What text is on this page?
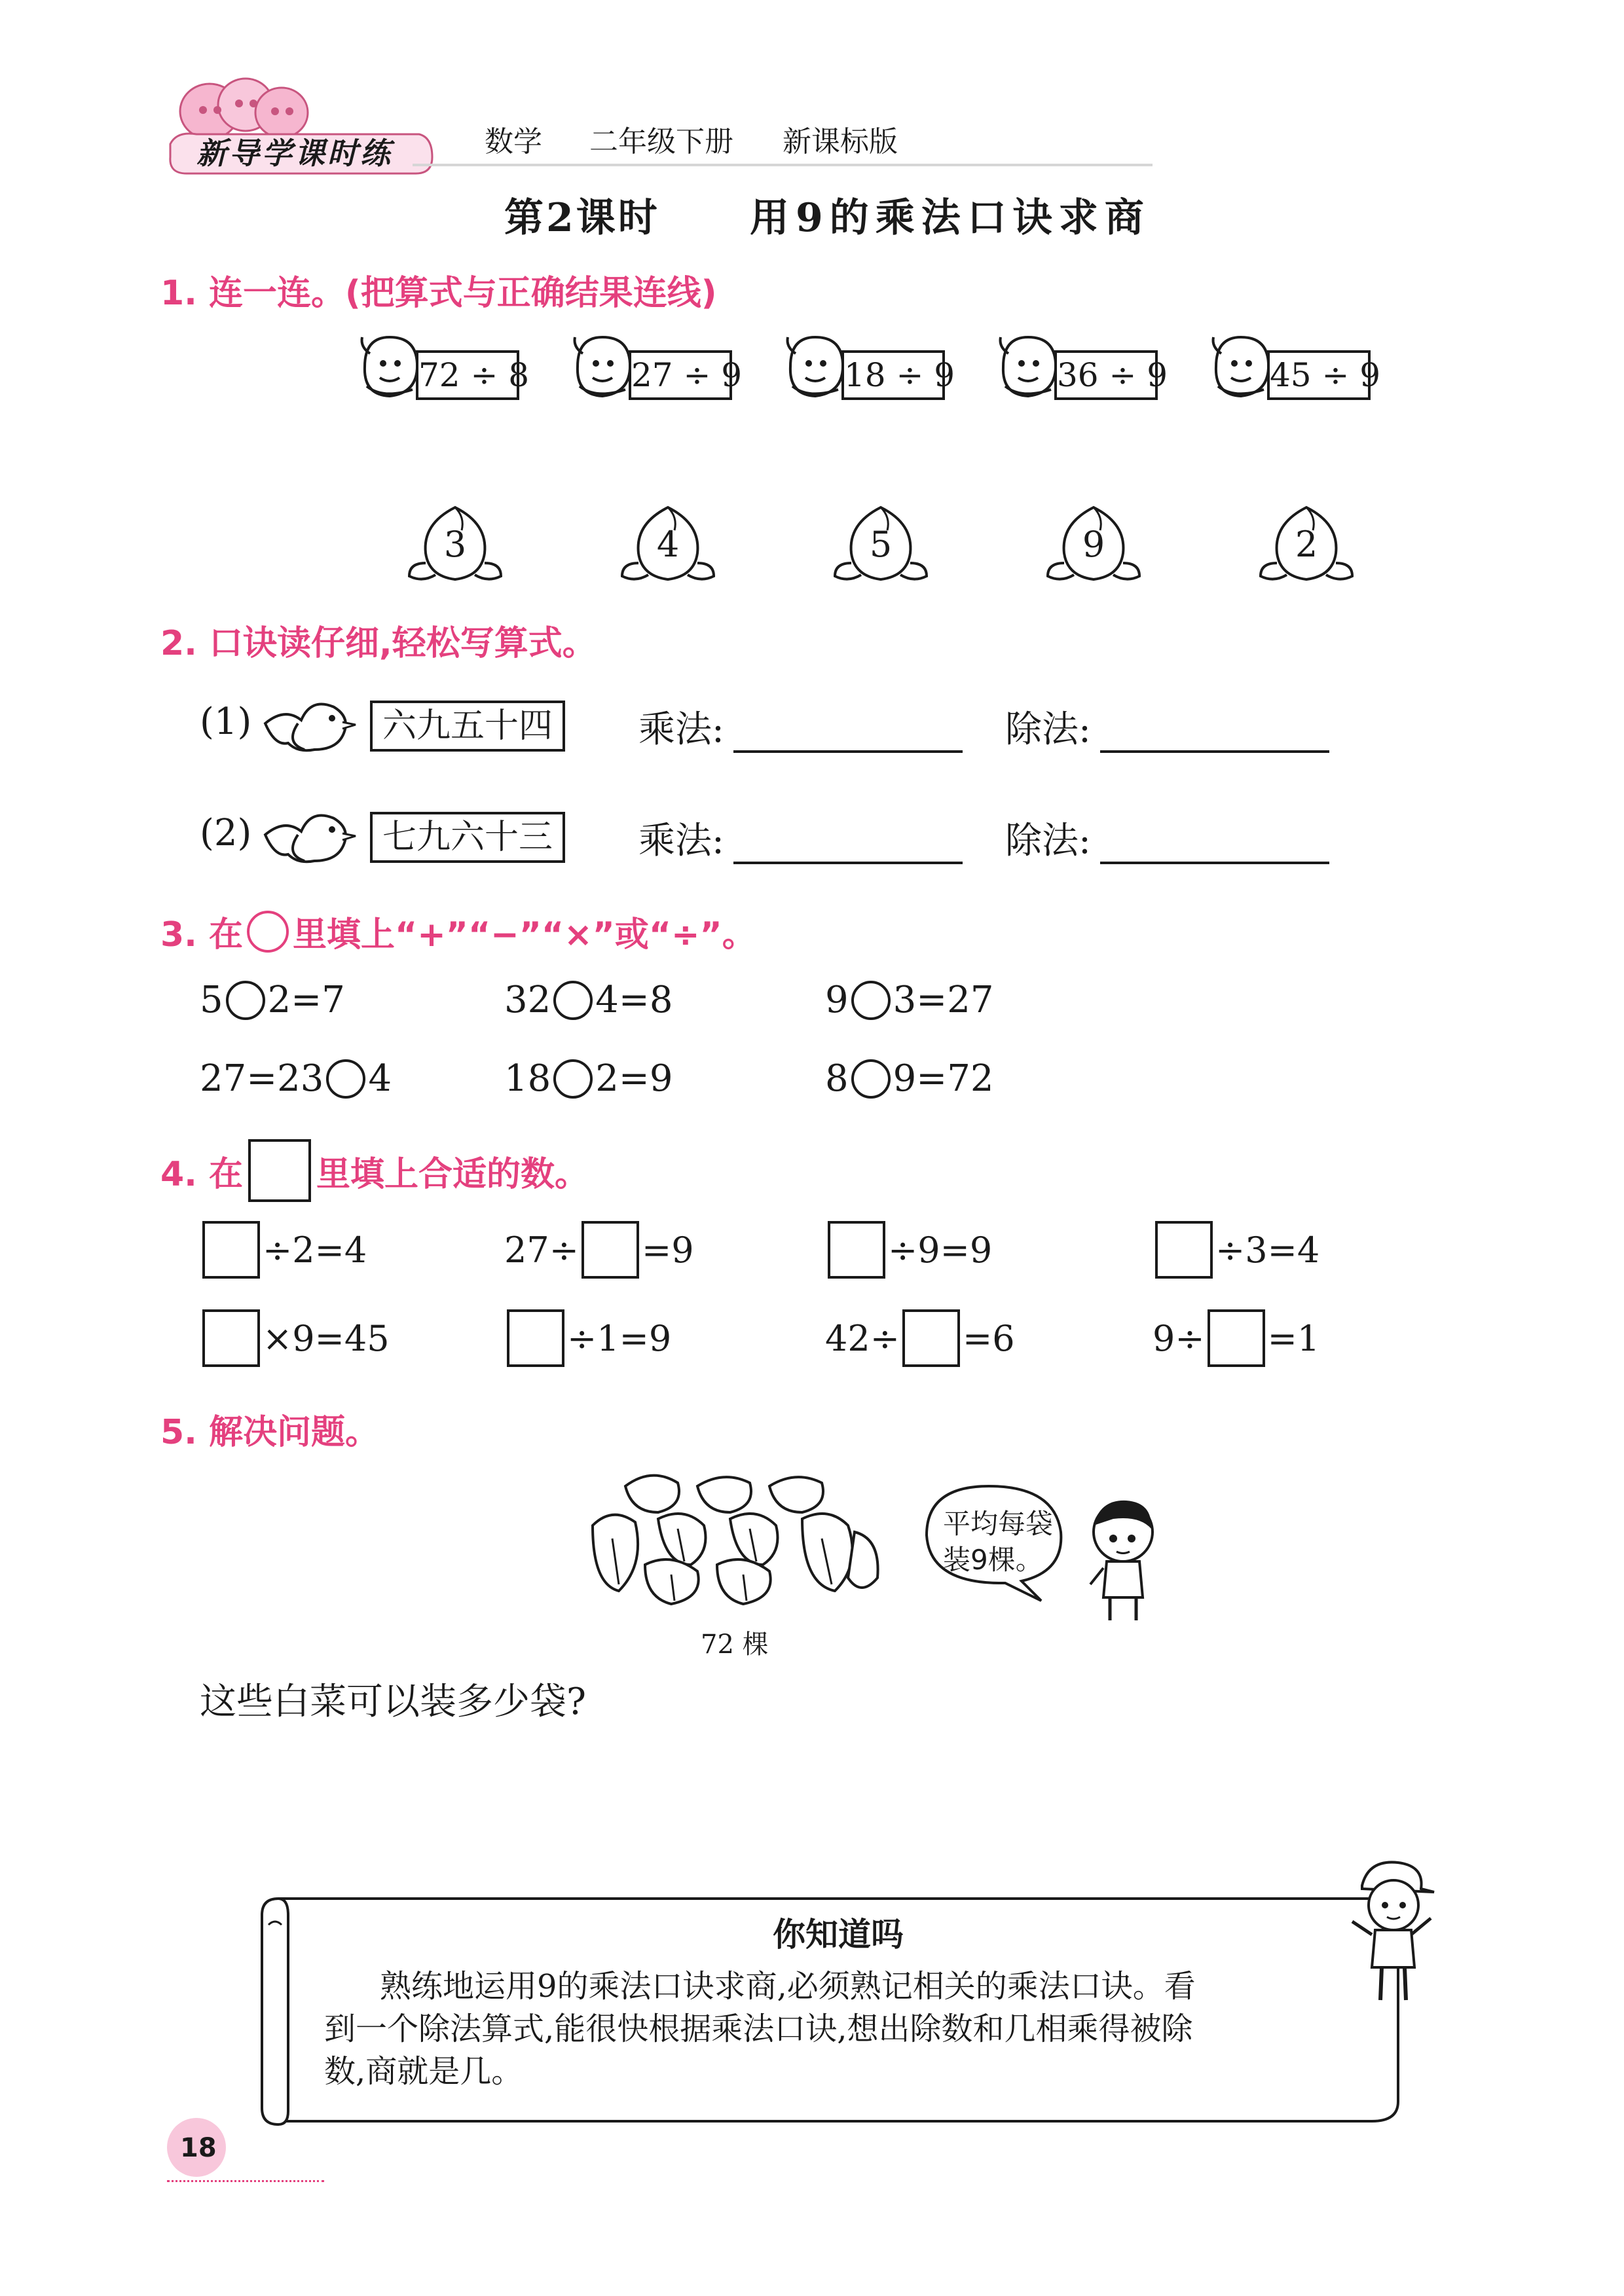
新导学课时练	数学 二年级下册 新课标版
第2课时 用9的乘法口诀求商
1. 连一连。(把算式与正确结果连线)
2. 口诀读仔细,轻松写算式。
(1)	六九五十四	乘法:	除法:
(2)	七九六十三	乘法:	除法:
3. 在 里填上“+”“−”“×”或“÷”。
4. 在 里填上合适的数。
5. 解决问题。
72 棵
平均每袋
装9棵。
这些白菜可以装多少袋?
你知道吗
熟练地运用9的乘法口诀求商,必须熟记相关的乘法口诀。看
到一个除法算式,能很快根据乘法口诀,想出除数和几相乘得被除
数,商就是几。
18
72 ÷ 8	27 ÷ 9	18 ÷ 9	36 ÷ 9	45 ÷ 9
3	4	5	9	2
5 2=7	32 4=8	9 3=27
27=23 4	18 2=9	8 9=72
÷2=4	27÷ =9	÷9=9	÷3=4
×9=45	÷1=9	42÷ =6	9÷ =1
